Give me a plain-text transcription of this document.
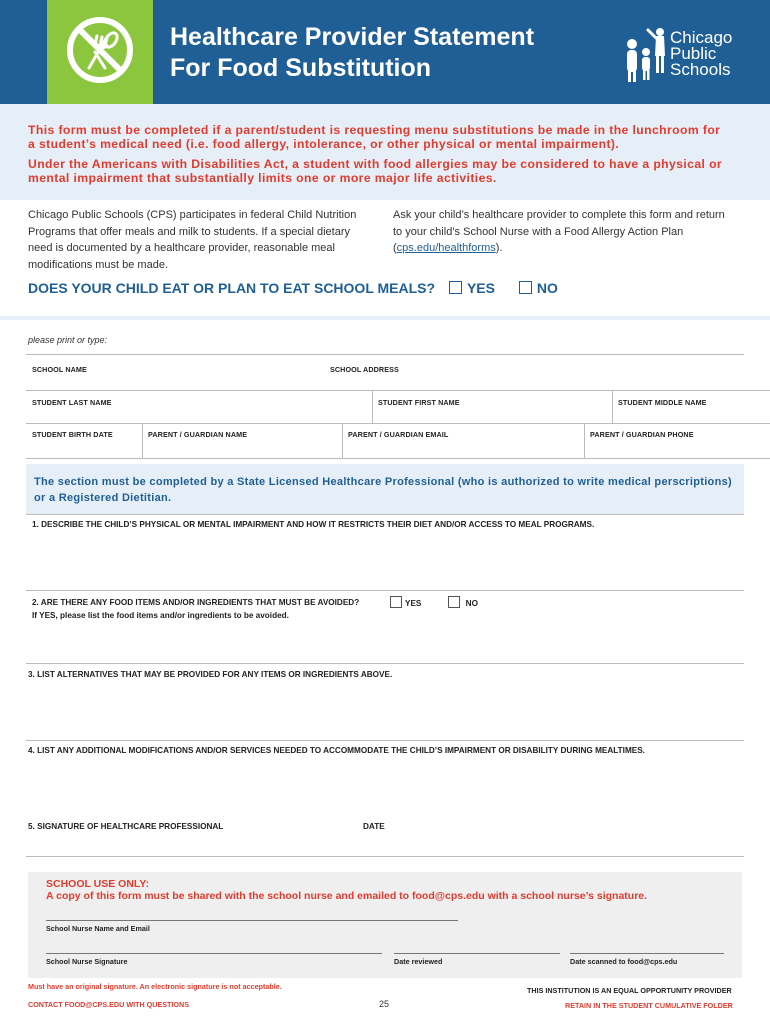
Healthcare Provider Statement
For Food Substitution
Chicago
Public
Schools
This form must be completed if a parent/student is requesting menu substitutions be made in the lunchroom for a student’s medical need (i.e. food allergy, intolerance, or other physical or mental impairment).
Under the Americans with Disabilities Act, a student with food allergies may be considered to have a physical or mental impairment that substantially limits one or more major life activities.
Chicago Public Schools (CPS) participates in federal Child Nutrition Programs that offer meals and milk to students. If a special dietary need is documented by a healthcare provider, reasonable meal modifications must be made.
Ask your child’s healthcare provider to complete this form and return to your child’s School Nurse with a Food Allergy Action Plan (cps.edu/healthforms).
DOES YOUR CHILD EAT OR PLAN TO EAT SCHOOL MEALS? YES	NO
please print or type:
SCHOOL NAME	SCHOOL ADDRESS
STUDENT LAST NAME	STUDENT FIRST NAME	STUDENT MIDDLE NAME
STUDENT BIRTH DATE	PARENT / GUARDIAN NAME	PARENT / GUARDIAN EMAIL	PARENT / GUARDIAN PHONE
The section must be completed by a State Licensed Healthcare Professional (who is authorized to write medical perscriptions) or a Registered Dietitian.
1. DESCRIBE THE CHILD’S PHYSICAL OR MENTAL IMPAIRMENT AND HOW IT RESTRICTS THEIR DIET AND/OR ACCESS TO MEAL PROGRAMS.
2. ARE THERE ANY FOOD ITEMS AND/OR INGREDIENTS THAT MUST BE AVOIDED?	YES	NO
If YES, please list the food items and/or ingredients to be avoided.
3. LIST ALTERNATIVES THAT MAY BE PROVIDED FOR ANY ITEMS OR INGREDIENTS ABOVE.
4. LIST ANY ADDITIONAL MODIFICATIONS AND/OR SERVICES NEEDED TO ACCOMMODATE THE CHILD’S IMPAIRMENT OR DISABILITY DURING MEALTIMES.
5. SIGNATURE OF HEALTHCARE PROFESSIONAL	DATE
SCHOOL USE ONLY:
A copy of this form must be shared with the school nurse and emailed to food@cps.edu with a school nurse’s signature.
School Nurse Name and Email
School Nurse Signature	Date reviewed	Date scanned to food@cps.edu
Must have an original signature. An electronic signature is not acceptable.
CONTACT FOOD@CPS.EDU WITH QUESTIONS	25
THIS INSTITUTION IS AN EQUAL OPPORTUNITY PROVIDER
RETAIN IN THE STUDENT CUMULATIVE FOLDER
